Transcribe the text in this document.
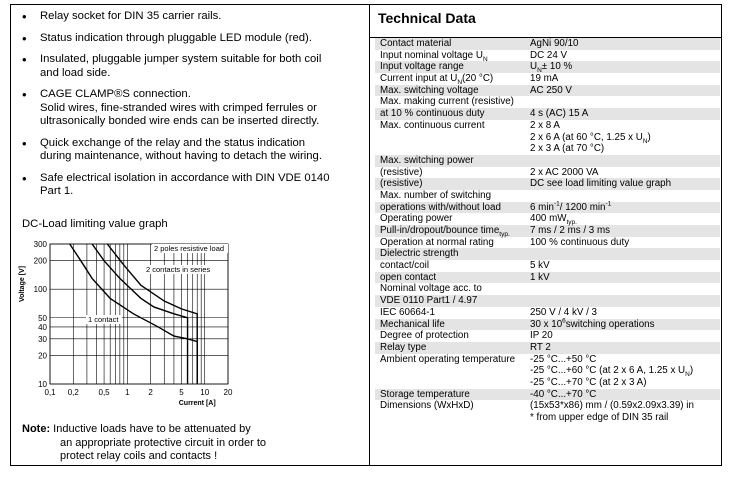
• Relay socket for DIN 35 carrier rails.
• Status indication through pluggable LED module (red).
• Insulated, pluggable jumper system suitable for both coil
and load side.
• CAGE CLAMP®S connection.
Solid wires, fine-stranded wires with crimped ferrules or
ultrasonically bonded wire ends can be inserted directly.
• Quick exchange of the relay and the status indication
during maintenance, without having to detach the wiring.
• Safe electrical isolation in accordance with DIN VDE 0140
Part 1.
DC-Load limiting value graph
300
200
100
50
40
30
20
10
0,1 0,2 0,5 1 2	5 10 20
Voltage [V]
Current [A]
2 poles resistive load
2 contacts in series
1 contact
Note: Inductive loads have to be attenuated by
an appropriate protective circuit in order to
protect relay coils and contacts !
Technical Data
Contact material	AgNi 90/10
Input nominal voltage $U_N$	DC 24 V
Input voltage range	$U_N\pm 10$ %
Current input at $U_N(20$ °C)	19 mA
Max. switching voltage	AC 250 V
Max. making current (resistive)
at 10 % continuous duty	4 s (AC) 15 A
Max. continuous current	2 x 8 A
2 x 6 A (at 60 °C, 1.25 x $U_N$)
2 x 3 A (at 70 °C)
Max. switching power
(resistive)	2 x AC 2000 VA
(resistive)	DC see load limiting value graph
Max. number of switching
operations with/without load	6 $\min^{-1}/$ 1200 $\min^{-1}$
Operating power	400 $mW_{typ.}$
Pull-in/dropout/bounce time$_{typ.}$	7 ms / 2 ms / 3 ms
Operation at normal rating	100 % continuous duty
Dielectric strength
contact/coil	5 kV
open contact	1 kV
Nominal voltage acc. to
VDE 0110 Part1 / 4.97
IEC 60664-1	250 V / 4 kV / 3
Mechanical life	30 x $10^6switching$ operations
Degree of protection	IP 20
Relay type	RT 2
Ambient operating temperature	-25 °C...+50 °C
-25 °C...+60 °C (at 2 x 6 A, 1.25 x $U_N$)
-25 °C...+70 °C (at 2 x 3 A)
Storage temperature	-40 °C...+70 °C
Dimensions (WxHxD)	(15x53*x86) mm / (0.59x2.09x3.39) in
* from upper edge of DIN 35 rail
